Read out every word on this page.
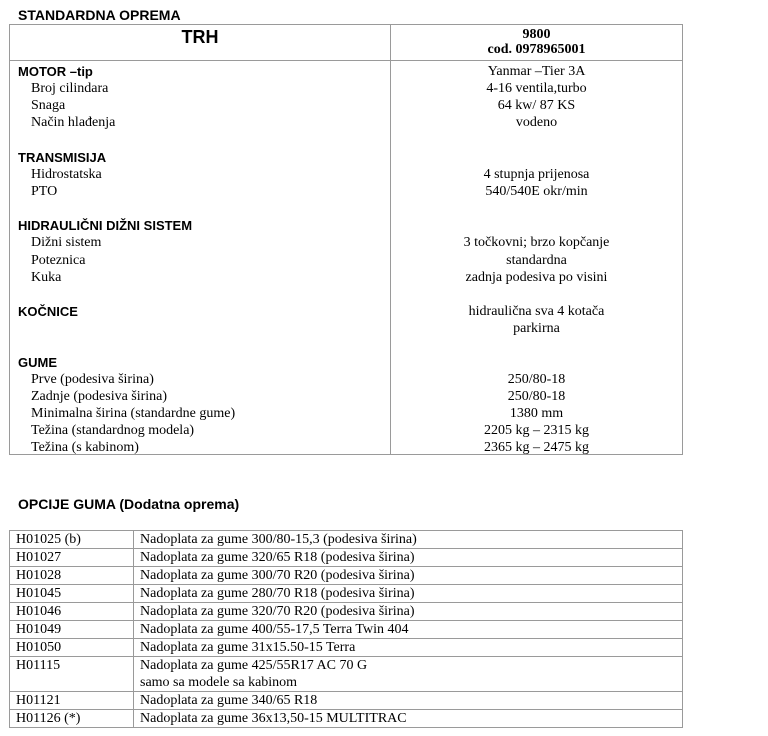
STANDARDNA OPREMA
TRH	9800
cod. 0978965001
MOTOR –tip	Yanmar –Tier 3A
Broj cilindara	4-16 ventila,turbo
Snaga	64 kw/ 87 KS
Način hlađenja	vodeno
TRANSMISIJA
Hidrostatska	4 stupnja prijenosa
PTO	540/540E okr/min
HIDRAULIČNI DIŽNI SISTEM
Dižni sistem	3 točkovni; brzo kopčanje
Poteznica	standardna
Kuka	zadnja podesiva po visini
KOČNICE	hidraulična sva 4 kotača
parkirna
GUME
Prve (podesiva širina)	250/80-18
Zadnje (podesiva širina)	250/80-18
Minimalna širina (standardne gume)	1380 mm
Težina (standardnog modela)	2205 kg – 2315 kg
Težina (s kabinom)	2365 kg – 2475 kg
OPCIJE GUMA (Dodatna oprema)
H01025 (b)	Nadoplata za gume 300/80-15,3 (podesiva širina)
H01027	Nadoplata za gume 320/65 R18 (podesiva širina)
H01028	Nadoplata za gume 300/70 R20 (podesiva širina)
H01045	Nadoplata za gume 280/70 R18 (podesiva širina)
H01046	Nadoplata za gume 320/70 R20 (podesiva širina)
H01049	Nadoplata za gume 400/55-17,5 Terra Twin 404
H01050	Nadoplata za gume 31x15.50-15 Terra
H01115	Nadoplata za gume 425/55R17 AC 70 G
samo sa modele sa kabinom

H01121	Nadoplata za gume 340/65 R18
H01126 (*)	Nadoplata za gume 36x13,50-15 MULTITRAC
